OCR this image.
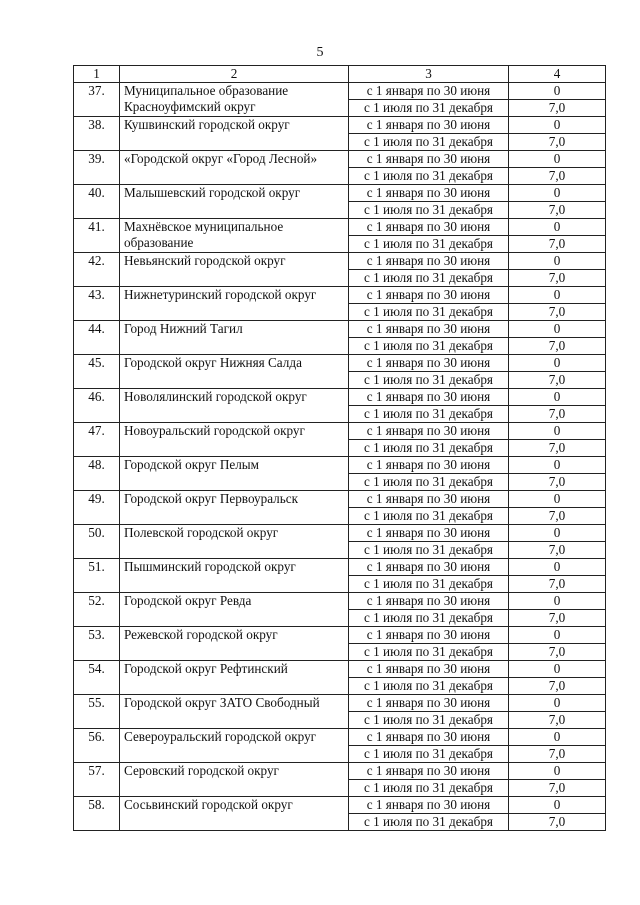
5
1	2	3	4
37.	Муниципальное образование Красноуфимский округ	с 1 января по 30 июня	0
		с 1 июля по 31 декабря	7,0
38.	Кушвинский городской округ	с 1 января по 30 июня	0
		с 1 июля по 31 декабря	7,0
39.	«Городской округ «Город Лесной»	с 1 января по 30 июня	0
		с 1 июля по 31 декабря	7,0
40.	Малышевский городской округ	с 1 января по 30 июня	0
		с 1 июля по 31 декабря	7,0
41.	Махнёвское муниципальное образование	с 1 января по 30 июня	0
		с 1 июля по 31 декабря	7,0
42.	Невьянский городской округ	с 1 января по 30 июня	0
		с 1 июля по 31 декабря	7,0
43.	Нижнетуринский городской округ	с 1 января по 30 июня	0
		с 1 июля по 31 декабря	7,0
44.	Город Нижний Тагил	с 1 января по 30 июня	0
		с 1 июля по 31 декабря	7,0
45.	Городской округ Нижняя Салда	с 1 января по 30 июня	0
		с 1 июля по 31 декабря	7,0
46.	Новолялинский городской округ	с 1 января по 30 июня	0
		с 1 июля по 31 декабря	7,0
47.	Новоуральский городской округ	с 1 января по 30 июня	0
		с 1 июля по 31 декабря	7,0
48.	Городской округ Пелым	с 1 января по 30 июня	0
		с 1 июля по 31 декабря	7,0
49.	Городской округ Первоуральск	с 1 января по 30 июня	0
		с 1 июля по 31 декабря	7,0
50.	Полевской городской округ	с 1 января по 30 июня	0
		с 1 июля по 31 декабря	7,0
51.	Пышминский городской округ	с 1 января по 30 июня	0
		с 1 июля по 31 декабря	7,0
52.	Городской округ Ревда	с 1 января по 30 июня	0
		с 1 июля по 31 декабря	7,0
53.	Режевской городской округ	с 1 января по 30 июня	0
		с 1 июля по 31 декабря	7,0
54.	Городской округ Рефтинский	с 1 января по 30 июня	0
		с 1 июля по 31 декабря	7,0
55.	Городской округ ЗАТО Свободный	с 1 января по 30 июня	0
		с 1 июля по 31 декабря	7,0
56.	Североуральский городской округ	с 1 января по 30 июня	0
		с 1 июля по 31 декабря	7,0
57.	Серовский городской округ	с 1 января по 30 июня	0
		с 1 июля по 31 декабря	7,0
58.	Сосьвинский городской округ	с 1 января по 30 июня	0
		с 1 июля по 31 декабря	7,0
